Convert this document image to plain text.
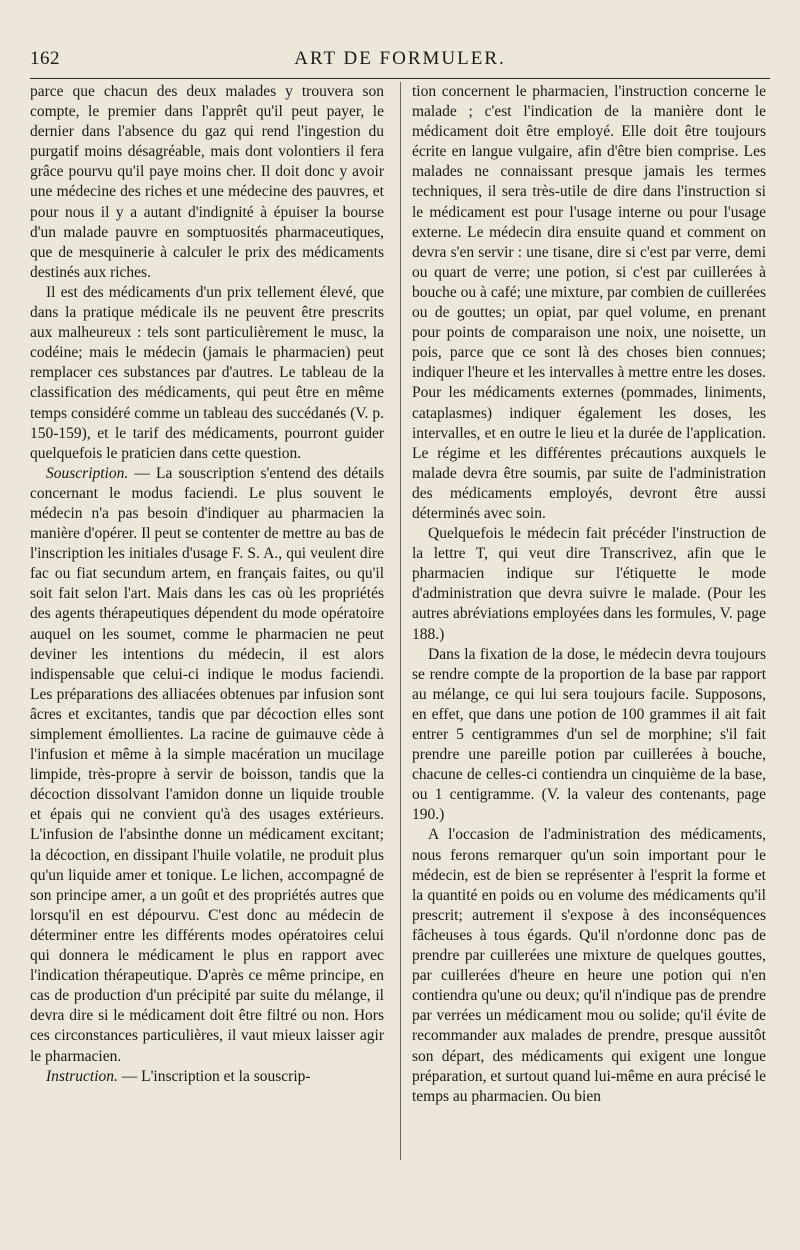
162	ART DE FORMULER.

parce que chacun des deux malades y trouvera son compte, le premier dans l'apprêt qu'il peut payer, le dernier dans l'absence du gaz qui rend l'ingestion du purgatif moins désagréable, mais dont volontiers il fera grâce pourvu qu'il paye moins cher. Il doit donc y avoir une médecine des riches et une médecine des pauvres, et pour nous il y a autant d'indignité à épuiser la bourse d'un malade pauvre en somptuosités pharmaceutiques, que de mesquinerie à calculer le prix des médicaments destinés aux riches.

Il est des médicaments d'un prix tellement élevé, que dans la pratique médicale ils ne peuvent être prescrits aux malheureux : tels sont particulièrement le musc, la codéine; mais le médecin (jamais le pharmacien) peut remplacer ces substances par d'autres. Le tableau de la classification des médicaments, qui peut être en même temps considéré comme un tableau des succédanés (V. p. 150-159), et le tarif des médicaments, pourront guider quelquefois le praticien dans cette question.

Souscription. — La souscription s'entend des détails concernant le modus faciendi. Le plus souvent le médecin n'a pas besoin d'indiquer au pharmacien la manière d'opérer. Il peut se contenter de mettre au bas de l'inscription les initiales d'usage F. S. A., qui veulent dire fac ou fiat secundum artem, en français faites, ou qu'il soit fait selon l'art. Mais dans les cas où les propriétés des agents thérapeutiques dépendent du mode opératoire auquel on les soumet, comme le pharmacien ne peut deviner les intentions du médecin, il est alors indispensable que celui-ci indique le modus faciendi. Les préparations des alliacées obtenues par infusion sont âcres et excitantes, tandis que par décoction elles sont simplement émollientes. La racine de guimauve cède à l'infusion et même à la simple macération un mucilage limpide, très-propre à servir de boisson, tandis que la décoction dissolvant l'amidon donne un liquide trouble et épais qui ne convient qu'à des usages extérieurs. L'infusion de l'absinthe donne un médicament excitant; la décoction, en dissipant l'huile volatile, ne produit plus qu'un liquide amer et tonique. Le lichen, accompagné de son principe amer, a un goût et des propriétés autres que lorsqu'il en est dépourvu. C'est donc au médecin de déterminer entre les différents modes opératoires celui qui donnera le médicament le plus en rapport avec l'indication thérapeutique. D'après ce même principe, en cas de production d'un précipité par suite du mélange, il devra dire si le médicament doit être filtré ou non. Hors ces circonstances particulières, il vaut mieux laisser agir le pharmacien.

Instruction. — L'inscription et la souscrip-

tion concernent le pharmacien, l'instruction concerne le malade ; c'est l'indication de la manière dont le médicament doit être employé. Elle doit être toujours écrite en langue vulgaire, afin d'être bien comprise. Les malades ne connaissant presque jamais les termes techniques, il sera très-utile de dire dans l'instruction si le médicament est pour l'usage interne ou pour l'usage externe. Le médecin dira ensuite quand et comment on devra s'en servir : une tisane, dire si c'est par verre, demi ou quart de verre; une potion, si c'est par cuillerées à bouche ou à café; une mixture, par combien de cuillerées ou de gouttes; un opiat, par quel volume, en prenant pour points de comparaison une noix, une noisette, un pois, parce que ce sont là des choses bien connues; indiquer l'heure et les intervalles à mettre entre les doses. Pour les médicaments externes (pommades, liniments, cataplasmes) indiquer également les doses, les intervalles, et en outre le lieu et la durée de l'application. Le régime et les différentes précautions auxquels le malade devra être soumis, par suite de l'administration des médicaments employés, devront être aussi déterminés avec soin.

Quelquefois le médecin fait précéder l'instruction de la lettre T, qui veut dire Transcrivez, afin que le pharmacien indique sur l'étiquette le mode d'administration que devra suivre le malade. (Pour les autres abréviations employées dans les formules, V. page 188.)

Dans la fixation de la dose, le médecin devra toujours se rendre compte de la proportion de la base par rapport au mélange, ce qui lui sera toujours facile. Supposons, en effet, que dans une potion de 100 grammes il ait fait entrer 5 centigrammes d'un sel de morphine; s'il fait prendre une pareille potion par cuillerées à bouche, chacune de celles-ci contiendra un cinquième de la base, ou 1 centigramme. (V. la valeur des contenants, page 190.)

A l'occasion de l'administration des médicaments, nous ferons remarquer qu'un soin important pour le médecin, est de bien se représenter à l'esprit la forme et la quantité en poids ou en volume des médicaments qu'il prescrit; autrement il s'expose à des inconséquences fâcheuses à tous égards. Qu'il n'ordonne donc pas de prendre par cuillerées une mixture de quelques gouttes, par cuillerées d'heure en heure une potion qui n'en contiendra qu'une ou deux; qu'il n'indique pas de prendre par verrées un médicament mou ou solide; qu'il évite de recommander aux malades de prendre, presque aussitôt son départ, des médicaments qui exigent une longue préparation, et surtout quand lui-même en aura précisé le temps au pharmacien. Ou bien
